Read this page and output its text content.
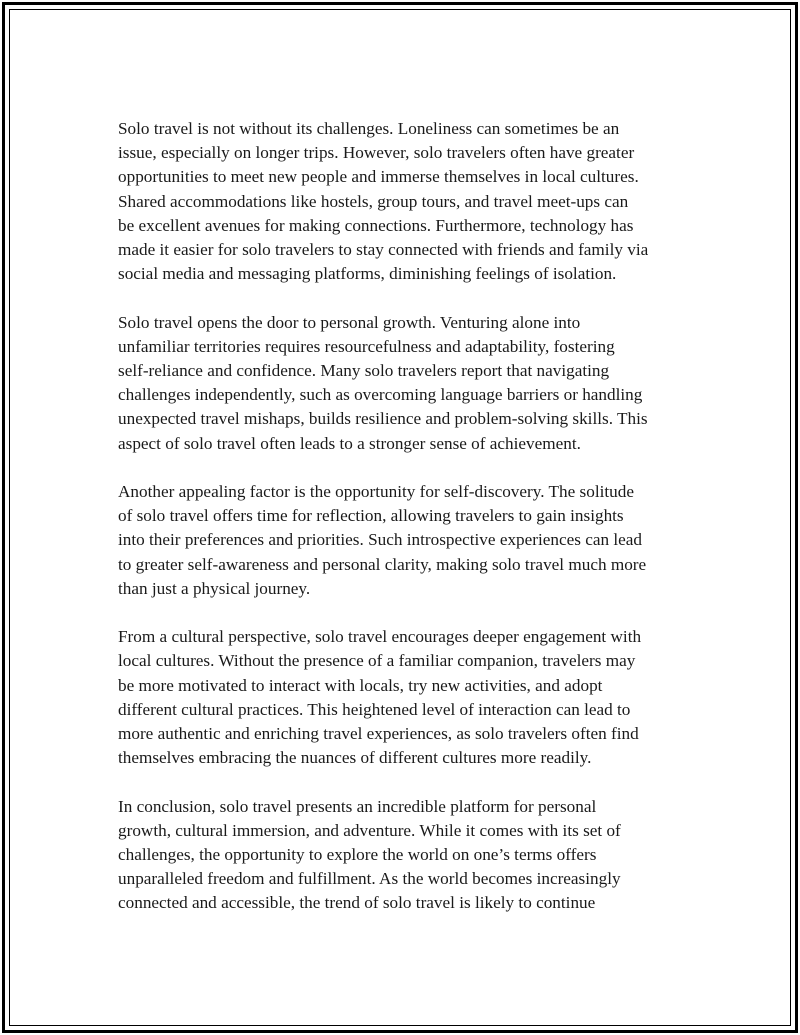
Solo travel is not without its challenges. Loneliness can sometimes be an
issue, especially on longer trips. However, solo travelers often have greater
opportunities to meet new people and immerse themselves in local cultures.
Shared accommodations like hostels, group tours, and travel meet-ups can
be excellent avenues for making connections. Furthermore, technology has
made it easier for solo travelers to stay connected with friends and family via
social media and messaging platforms, diminishing feelings of isolation.

Solo travel opens the door to personal growth. Venturing alone into
unfamiliar territories requires resourcefulness and adaptability, fostering
self-reliance and confidence. Many solo travelers report that navigating
challenges independently, such as overcoming language barriers or handling
unexpected travel mishaps, builds resilience and problem-solving skills. This
aspect of solo travel often leads to a stronger sense of achievement.

Another appealing factor is the opportunity for self-discovery. The solitude
of solo travel offers time for reflection, allowing travelers to gain insights
into their preferences and priorities. Such introspective experiences can lead
to greater self-awareness and personal clarity, making solo travel much more
than just a physical journey.

From a cultural perspective, solo travel encourages deeper engagement with
local cultures. Without the presence of a familiar companion, travelers may
be more motivated to interact with locals, try new activities, and adopt
different cultural practices. This heightened level of interaction can lead to
more authentic and enriching travel experiences, as solo travelers often find
themselves embracing the nuances of different cultures more readily.

In conclusion, solo travel presents an incredible platform for personal
growth, cultural immersion, and adventure. While it comes with its set of
challenges, the opportunity to explore the world on one’s terms offers
unparalleled freedom and fulfillment. As the world becomes increasingly
connected and accessible, the trend of solo travel is likely to continue
